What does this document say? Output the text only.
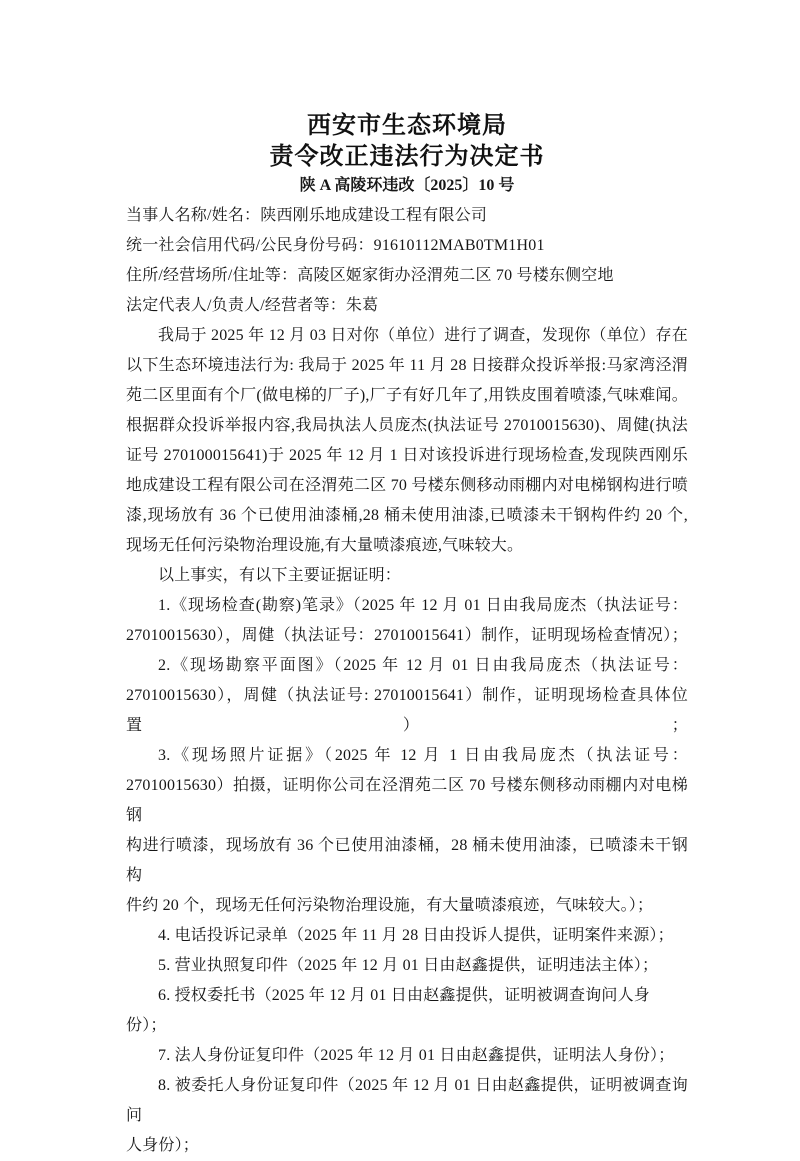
西安市生态环境局
责令改正违法行为决定书
陕 A 高陵环违改〔2025〕10 号
当事人名称/姓名：陕西刚乐地成建设工程有限公司
统一社会信用代码/公民身份号码：91610112MAB0TM1H01
住所/经营场所/住址等：高陵区姬家街办泾渭苑二区 70 号楼东侧空地
法定代表人/负责人/经营者等：朱葛
我局于 2025 年 12 月 03 日对你（单位）进行了调查，发现你（单位）存在
以下生态环境违法行为: 我局于 2025 年 11 月 28 日接群众投诉举报:马家湾泾渭
苑二区里面有个厂(做电梯的厂子),厂子有好几年了,用铁皮围着喷漆,气味难闻。
根据群众投诉举报内容,我局执法人员庞杰(执法证号 27010015630)、周健(执法
证号 270100015641)于 2025 年 12 月 1 日对该投诉进行现场检查,发现陕西刚乐
地成建设工程有限公司在泾渭苑二区 70 号楼东侧移动雨棚内对电梯钢构进行喷
漆,现场放有 36 个已使用油漆桶,28 桶未使用油漆,已喷漆未干钢构件约 20 个,
现场无任何污染物治理设施,有大量喷漆痕迹,气味较大。
以上事实，有以下主要证据证明：
1.《现场检查(勘察)笔录》（2025 年 12 月 01 日由我局庞杰（执法证号：
27010015630），周健（执法证号：27010015641）制作，证明现场检查情况）；
2.《现场勘察平面图》（2025 年 12 月 01 日由我局庞杰（执法证号：
27010015630），周健（执法证号: 27010015641）制作，证明现场检查具体位置）；
3.《现场照片证据》（2025 年 12 月 1 日由我局庞杰（执法证号：
27010015630）拍摄，证明你公司在泾渭苑二区 70 号楼东侧移动雨棚内对电梯钢
构进行喷漆，现场放有 36 个已使用油漆桶，28 桶未使用油漆，已喷漆未干钢构
件约 20 个，现场无任何污染物治理设施，有大量喷漆痕迹，气味较大。）；
4. 电话投诉记录单（2025 年 11 月 28 日由投诉人提供，证明案件来源）；
5. 营业执照复印件（2025 年 12 月 01 日由赵鑫提供，证明违法主体）；
6. 授权委托书（2025 年 12 月 01 日由赵鑫提供，证明被调查询问人身份）；
7. 法人身份证复印件（2025 年 12 月 01 日由赵鑫提供，证明法人身份）；
8. 被委托人身份证复印件（2025 年 12 月 01 日由赵鑫提供，证明被调查询问
人身份）；
